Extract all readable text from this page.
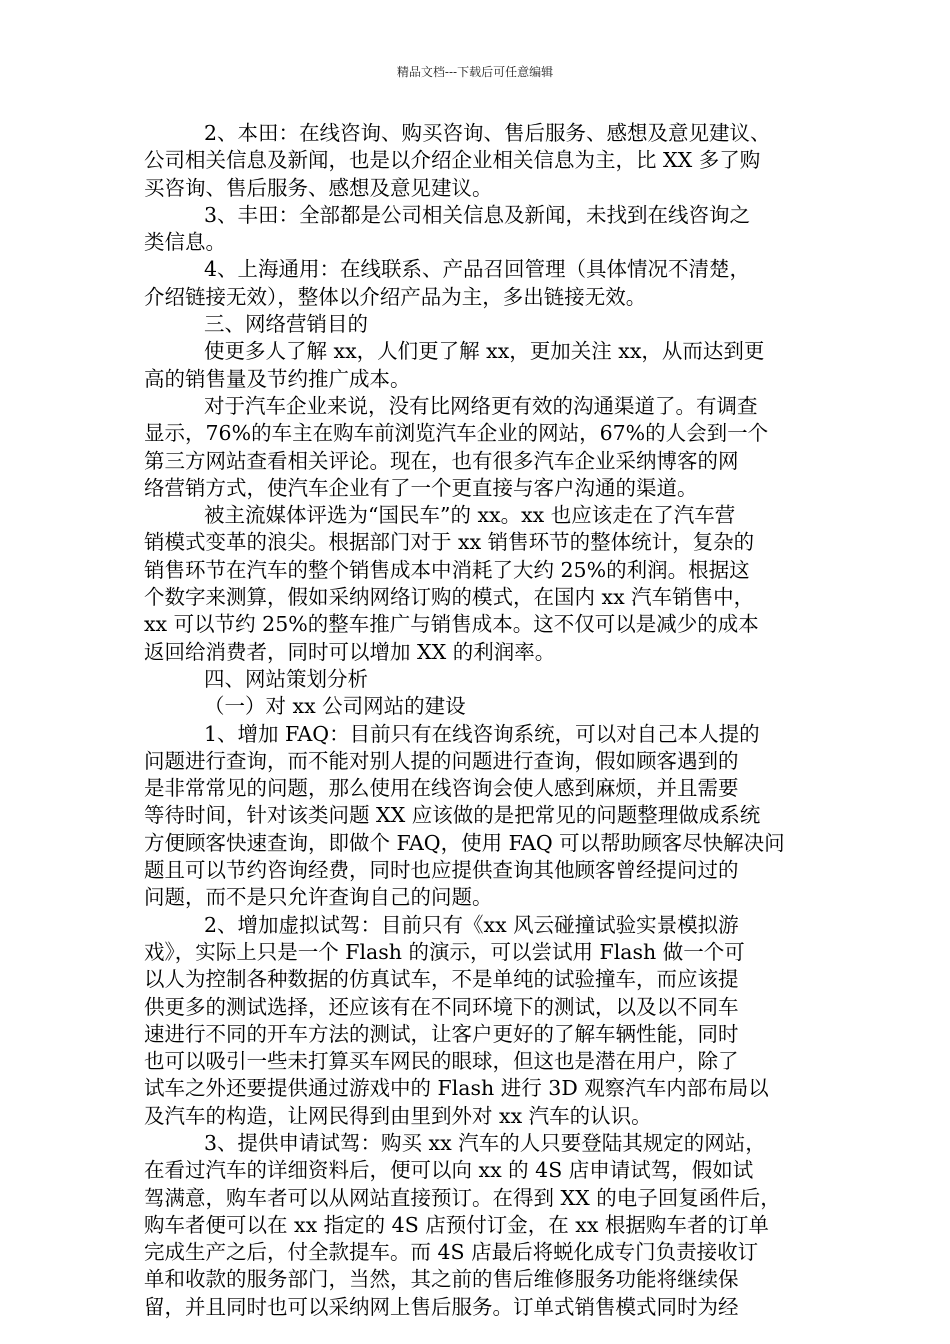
精品文档---下载后可任意编辑
2、本田：在线咨询、购买咨询、售后服务、感想及意见建议、
公司相关信息及新闻，也是以介绍企业相关信息为主，比 XX 多了购
买咨询、售后服务、感想及意见建议。
3、丰田：全部都是公司相关信息及新闻，未找到在线咨询之
类信息。
4、上海通用：在线联系、产品召回管理（具体情况不清楚，
介绍链接无效），整体以介绍产品为主，多出链接无效。
三、网络营销目的
使更多人了解 xx，人们更了解 xx，更加关注 xx，从而达到更
高的销售量及节约推广成本。
对于汽车企业来说，没有比网络更有效的沟通渠道了。有调查
显示，76%的车主在购车前浏览汽车企业的网站，67%的人会到一个
第三方网站查看相关评论。现在，也有很多汽车企业采纳博客的网
络营销方式，使汽车企业有了一个更直接与客户沟通的渠道。
被主流媒体评选为“国民车”的 xx。xx 也应该走在了汽车营
销模式变革的浪尖。根据部门对于 xx 销售环节的整体统计，复杂的
销售环节在汽车的整个销售成本中消耗了大约 25%的利润。根据这
个数字来测算，假如采纳网络订购的模式，在国内 xx 汽车销售中，
xx 可以节约 25%的整车推广与销售成本。这不仅可以是减少的成本
返回给消费者，同时可以增加 XX 的利润率。
四、网站策划分析
（一）对 xx 公司网站的建设
1、增加 FAQ：目前只有在线咨询系统，可以对自己本人提的
问题进行查询，而不能对别人提的问题进行查询，假如顾客遇到的
是非常常见的问题，那么使用在线咨询会使人感到麻烦，并且需要
等待时间，针对该类问题 XX 应该做的是把常见的问题整理做成系统
方便顾客快速查询，即做个 FAQ，使用 FAQ 可以帮助顾客尽快解决问
题且可以节约咨询经费，同时也应提供查询其他顾客曾经提问过的
问题，而不是只允许查询自己的问题。
2、增加虚拟试驾：目前只有《xx 风云碰撞试验实景模拟游
戏》，实际上只是一个 Flash 的演示，可以尝试用 Flash 做一个可
以人为控制各种数据的仿真试车，不是单纯的试验撞车，而应该提
供更多的测试选择，还应该有在不同环境下的测试，以及以不同车
速进行不同的开车方法的测试，让客户更好的了解车辆性能，同时
也可以吸引一些未打算买车网民的眼球，但这也是潜在用户，除了
试车之外还要提供通过游戏中的 Flash 进行 3D 观察汽车内部布局以
及汽车的构造，让网民得到由里到外对 xx 汽车的认识。
3、提供申请试驾：购买 xx 汽车的人只要登陆其规定的网站，
在看过汽车的详细资料后，便可以向 xx 的 4S 店申请试驾，假如试
驾满意，购车者可以从网站直接预订。在得到 XX 的电子回复函件后，
购车者便可以在 xx 指定的 4S 店预付订金，在 xx 根据购车者的订单
完成生产之后，付全款提车。而 4S 店最后将蜕化成专门负责接收订
单和收款的服务部门，当然，其之前的售后维修服务功能将继续保
留，并且同时也可以采纳网上售后服务。订单式销售模式同时为经
